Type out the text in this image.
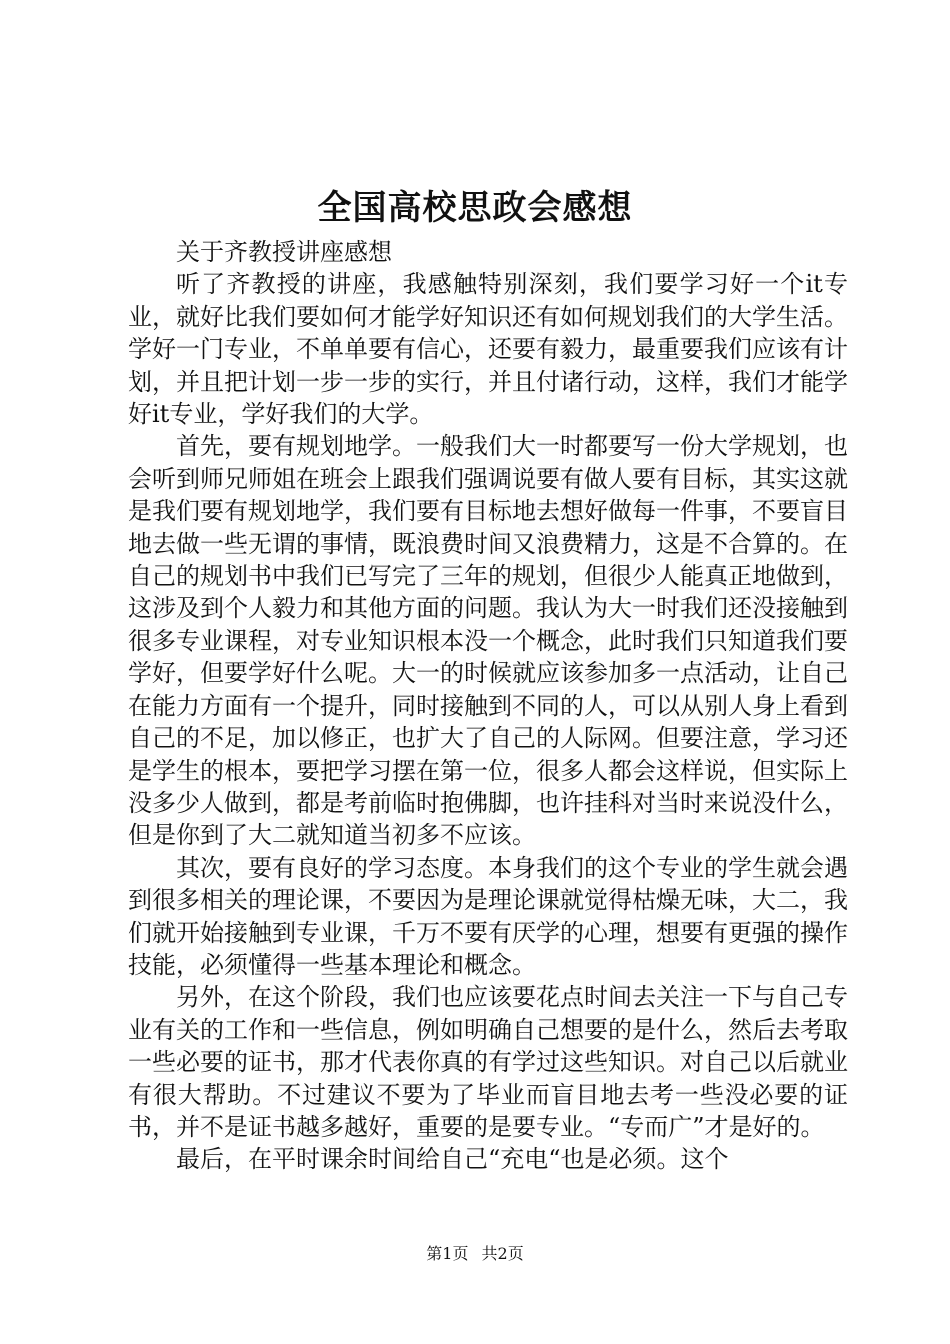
全国高校思政会感想

关于齐教授讲座感想

听了齐教授的讲座，我感触特别深刻，我们要学习好一个it专业，就好比我们要如何才能学好知识还有如何规划我们的大学生活。学好一门专业，不单单要有信心，还要有毅力，最重要我们应该有计划，并且把计划一步一步的实行，并且付诸行动，这样，我们才能学好it专业，学好我们的大学。

首先，要有规划地学。一般我们大一时都要写一份大学规划，也会听到师兄师姐在班会上跟我们强调说要有做人要有目标，其实这就是我们要有规划地学，我们要有目标地去想好做每一件事，不要盲目地去做一些无谓的事情，既浪费时间又浪费精力，这是不合算的。在自己的规划书中我们已写完了三年的规划，但很少人能真正地做到，这涉及到个人毅力和其他方面的问题。我认为大一时我们还没接触到很多专业课程，对专业知识根本没一个概念，此时我们只知道我们要学好，但要学好什么呢。大一的时候就应该参加多一点活动，让自己在能力方面有一个提升，同时接触到不同的人，可以从别人身上看到自己的不足，加以修正，也扩大了自己的人际网。但要注意，学习还是学生的根本，要把学习摆在第一位，很多人都会这样说，但实际上没多少人做到，都是考前临时抱佛脚，也许挂科对当时来说没什么，但是你到了大二就知道当初多不应该。

其次，要有良好的学习态度。本身我们的这个专业的学生就会遇到很多相关的理论课，不要因为是理论课就觉得枯燥无味，大二，我们就开始接触到专业课，千万不要有厌学的心理，想要有更强的操作技能，必须懂得一些基本理论和概念。

另外，在这个阶段，我们也应该要花点时间去关注一下与自己专业有关的工作和一些信息，例如明确自己想要的是什么，然后去考取一些必要的证书，那才代表你真的有学过这些知识。对自己以后就业有很大帮助。不过建议不要为了毕业而盲目地去考一些没必要的证书，并不是证书越多越好，重要的是要专业。“专而广”才是好的。

最后，在平时课余时间给自己“充电“也是必须。这个

第1页 共2页
